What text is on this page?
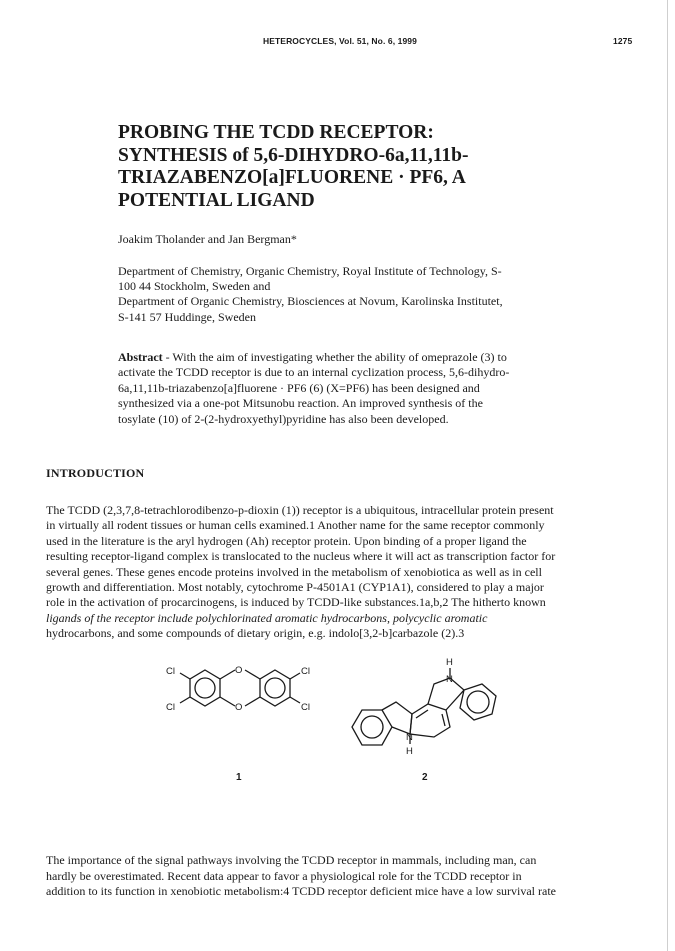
HETEROCYCLES, Vol. 51, No. 6, 1999	1275
PROBING THE TCDD RECEPTOR:
SYNTHESIS of 5,6-DIHYDRO-6a,11,11b-
TRIAZABENZO[a]FLUORENE · PF6, A
POTENTIAL LIGAND
Joakim Tholander and Jan Bergman*
Department of Chemistry, Organic Chemistry, Royal Institute of Technology, S-
100 44 Stockholm, Sweden and
Department of Organic Chemistry, Biosciences at Novum, Karolinska Institutet,
S-141 57 Huddinge, Sweden
Abstract - With the aim of investigating whether the ability of omeprazole (3) to
activate the TCDD receptor is due to an internal cyclization process, 5,6-dihydro-
6a,11,11b-triazabenzo[a]fluorene · PF6 (6) (X=PF6) has been designed and
synthesized via a one-pot Mitsunobu reaction. An improved synthesis of the
tosylate (10) of 2-(2-hydroxyethyl)pyridine has also been developed.
INTRODUCTION
The TCDD (2,3,7,8-tetrachlorodibenzo-p-dioxin (1)) receptor is a ubiquitous, intracellular protein present
in virtually all rodent tissues or human cells examined.1 Another name for the same receptor commonly
used in the literature is the aryl hydrogen (Ah) receptor protein. Upon binding of a proper ligand the
resulting receptor-ligand complex is translocated to the nucleus where it will act as transcription factor for
several genes. These genes encode proteins involved in the metabolism of xenobiotica as well as in cell
growth and differentiation. Most notably, cytochrome P-4501A1 (CYP1A1), considered to play a major
role in the activation of procarcinogens, is induced by TCDD-like substances.1a,b,2 The hitherto known
ligands of the receptor include polychlorinated aromatic hydrocarbons, polycyclic aromatic
hydrocarbons, and some compounds of dietary origin, e.g. indolo[3,2-b]carbazole (2).3
Cl
Cl
Cl
Cl
O
O
N
H
N
H
1	2
The importance of the signal pathways involving the TCDD receptor in mammals, including man, can
hardly be overestimated. Recent data appear to favor a physiological role for the TCDD receptor in
addition to its function in xenobiotic metabolism:4 TCDD receptor deficient mice have a low survival rate
